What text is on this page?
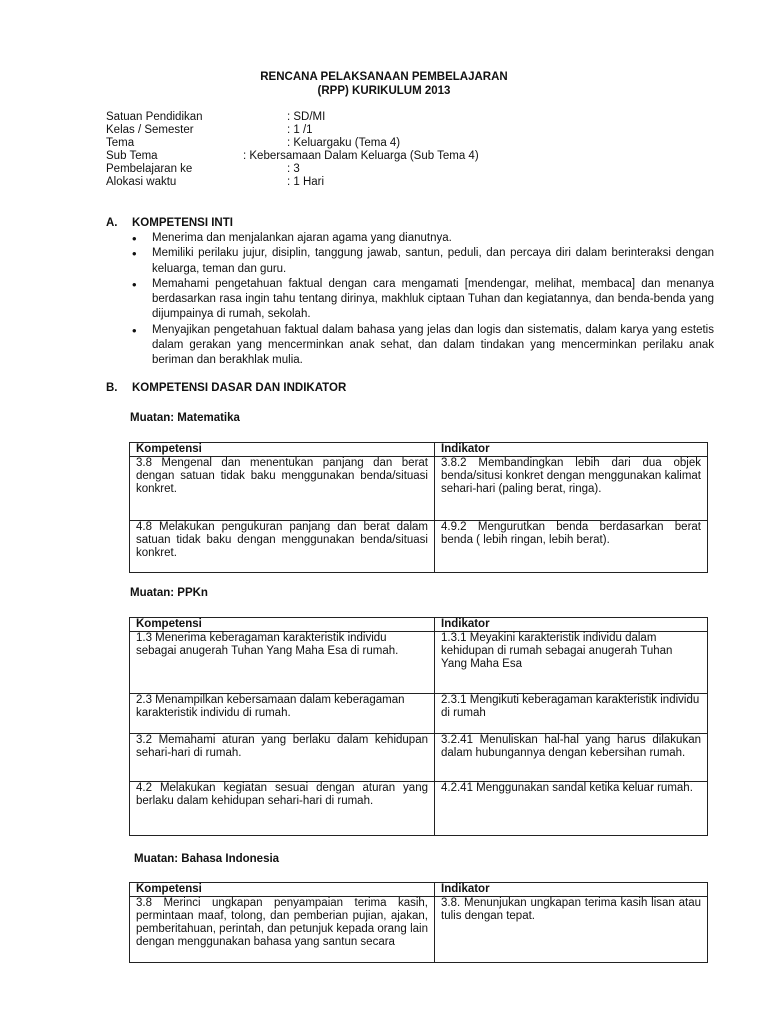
RENCANA PELAKSANAAN PEMBELAJARAN
(RPP) KURIKULUM 2013
Satuan Pendidikan	: SD/MI
Kelas / Semester	: 1 /1
Tema	: Keluargaku (Tema 4)
Sub Tema	: Kebersamaan Dalam Keluarga (Sub Tema 4)
Pembelajaran ke	: 3
Alokasi waktu	: 1 Hari
A. KOMPETENSI INTI
• Menerima dan menjalankan ajaran agama yang dianutnya.
• Memiliki perilaku jujur, disiplin, tanggung jawab, santun, peduli, dan percaya diri dalam berinteraksi dengan keluarga, teman dan guru.
• Memahami pengetahuan faktual dengan cara mengamati [mendengar, melihat, membaca] dan menanya berdasarkan rasa ingin tahu tentang dirinya, makhluk ciptaan Tuhan dan kegiatannya, dan benda-benda yang dijumpainya di rumah, sekolah.
• Menyajikan pengetahuan faktual dalam bahasa yang jelas dan logis dan sistematis, dalam karya yang estetis dalam gerakan yang mencerminkan anak sehat, dan dalam tindakan yang mencerminkan perilaku anak beriman dan berakhlak mulia.
B. KOMPETENSI DASAR DAN INDIKATOR
Muatan: Matematika
Kompetensi	Indikator
3.8 Mengenal dan menentukan panjang dan berat dengan satuan tidak baku menggunakan benda/situasi konkret.	3.8.2 Membandingkan lebih dari dua objek benda/situsi konkret dengan menggunakan kalimat sehari-hari (paling berat, ringa).
4.8 Melakukan pengukuran panjang dan berat dalam satuan tidak baku dengan menggunakan benda/situasi konkret.	4.9.2 Mengurutkan benda berdasarkan berat benda ( lebih ringan, lebih berat).
Muatan: PPKn
Kompetensi	Indikator
1.3 Menerima keberagaman karakteristik individu sebagai anugerah Tuhan Yang Maha Esa di rumah.	1.3.1 Meyakini karakteristik individu dalam kehidupan di rumah sebagai anugerah Tuhan Yang Maha Esa
2.3 Menampilkan kebersamaan dalam keberagaman karakteristik individu di rumah.	2.3.1 Mengikuti keberagaman karakteristik individu di rumah
3.2 Memahami aturan yang berlaku dalam kehidupan sehari-hari di rumah.	3.2.41 Menuliskan hal-hal yang harus dilakukan dalam hubungannya dengan kebersihan rumah.
4.2 Melakukan kegiatan sesuai dengan aturan yang berlaku dalam kehidupan sehari-hari di rumah.	4.2.41 Menggunakan sandal ketika keluar rumah.
Muatan: Bahasa Indonesia
Kompetensi	Indikator
3.8 Merinci ungkapan penyampaian terima kasih, permintaan maaf, tolong, dan pemberian pujian, ajakan, pemberitahuan, perintah, dan petunjuk kepada orang lain dengan menggunakan bahasa yang santun secara	3.8. Menunjukan ungkapan terima kasih lisan atau tulis dengan tepat.
